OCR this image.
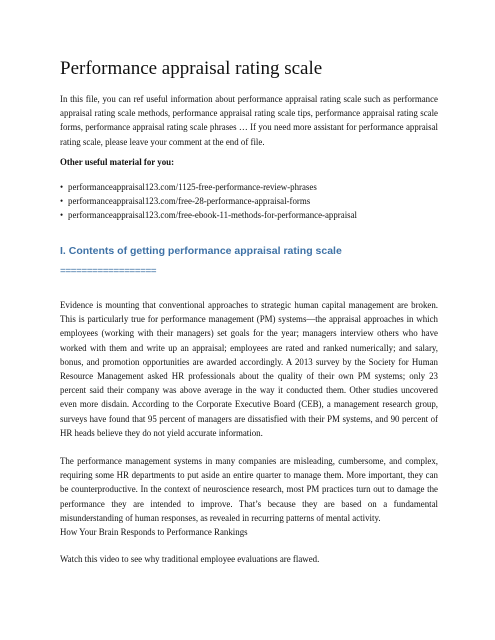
Performance appraisal rating scale

In this file, you can ref useful information about performance appraisal rating scale such as performance appraisal rating scale methods, performance appraisal rating scale tips, performance appraisal rating scale forms, performance appraisal rating scale phrases … If you need more assistant for performance appraisal rating scale, please leave your comment at the end of file.

Other useful material for you:

• performanceappraisal123.com/1125-free-performance-review-phrases
• performanceappraisal123.com/free-28-performance-appraisal-forms
• performanceappraisal123.com/free-ebook-11-methods-for-performance-appraisal
I. Contents of getting performance appraisal rating scale
==================

Evidence is mounting that conventional approaches to strategic human capital management are broken. This is particularly true for performance management (PM) systems—the appraisal approaches in which employees (working with their managers) set goals for the year; managers interview others who have worked with them and write up an appraisal; employees are rated and ranked numerically; and salary, bonus, and promotion opportunities are awarded accordingly. A 2013 survey by the Society for Human Resource Management asked HR professionals about the quality of their own PM systems; only 23 percent said their company was above average in the way it conducted them. Other studies uncovered even more disdain. According to the Corporate Executive Board (CEB), a management research group, surveys have found that 95 percent of managers are dissatisfied with their PM systems, and 90 percent of HR heads believe they do not yield accurate information.

The performance management systems in many companies are misleading, cumbersome, and complex, requiring some HR departments to put aside an entire quarter to manage them. More important, they can be counterproductive. In the context of neuroscience research, most PM practices turn out to damage the performance they are intended to improve. That’s because they are based on a fundamental misunderstanding of human responses, as revealed in recurring patterns of mental activity.
How Your Brain Responds to Performance Rankings

Watch this video to see why traditional employee evaluations are flawed.
